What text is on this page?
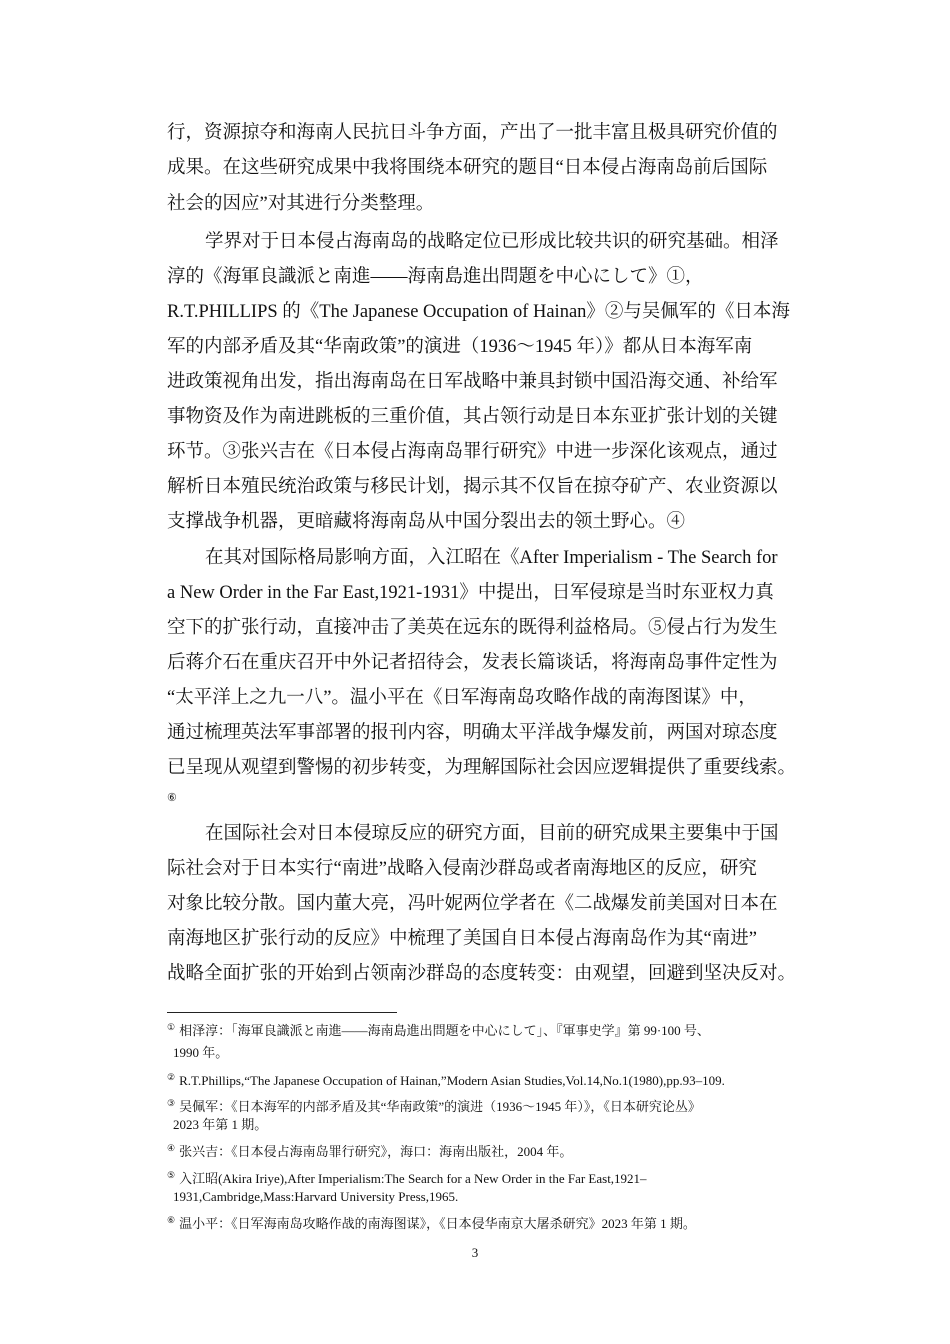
行，资源掠夺和海南人民抗日斗争方面，产出了一批丰富且极具研究价值的
成果。在这些研究成果中我将围绕本研究的题目“日本侵占海南岛前后国际
社会的因应”对其进行分类整理。
学界对于日本侵占海南岛的战略定位已形成比较共识的研究基础。相泽
淳的《海軍良識派と南進——海南島進出問題を中心にして》①，
R.T.PHILLIPS 的《The Japanese Occupation of Hainan》②与吴佩军的《日本海
军的内部矛盾及其“华南政策”的演进（1936～1945 年）》都从日本海军南
进政策视角出发，指出海南岛在日军战略中兼具封锁中国沿海交通、补给军
事物资及作为南进跳板的三重价值，其占领行动是日本东亚扩张计划的关键
环节。③张兴吉在《日本侵占海南岛罪行研究》中进一步深化该观点，通过
解析日本殖民统治政策与移民计划，揭示其不仅旨在掠夺矿产、农业资源以
支撑战争机器，更暗藏将海南岛从中国分裂出去的领土野心。④
在其对国际格局影响方面，入江昭在《After Imperialism - The Search for
a New Order in the Far East,1921-1931》中提出，日军侵琼是当时东亚权力真
空下的扩张行动，直接冲击了美英在远东的既得利益格局。⑤侵占行为发生
后蒋介石在重庆召开中外记者招待会，发表长篇谈话，将海南岛事件定性为
“太平洋上之九一八”。温小平在《日军海南岛攻略作战的南海图谋》中，
通过梳理英法军事部署的报刊内容，明确太平洋战争爆发前，两国对琼态度
已呈现从观望到警惕的初步转变，为理解国际社会因应逻辑提供了重要线索。
⑥
在国际社会对日本侵琼反应的研究方面，目前的研究成果主要集中于国
际社会对于日本实行“南进”战略入侵南沙群岛或者南海地区的反应，研究
对象比较分散。国内董大亮，冯叶妮两位学者在《二战爆发前美国对日本在
南海地区扩张行动的反应》中梳理了美国自日本侵占海南岛作为其“南进”
战略全面扩张的开始到占领南沙群岛的态度转变：由观望，回避到坚决反对。
① 相泽淳：「海軍良識派と南進——海南島進出問題を中心にして」、『軍事史学』第 99·100 号、
1990 年。
② R.T.Phillips,“The Japanese Occupation of Hainan,”Modern Asian Studies,Vol.14,No.1(1980),pp.93–109.
③ 吴佩军：《日本海军的内部矛盾及其“华南政策”的演进（1936～1945 年）》，《日本研究论丛》
2023 年第 1 期。
④ 张兴吉：《日本侵占海南岛罪行研究》，海口：海南出版社，2004 年。
⑤ 入江昭(Akira Iriye),After Imperialism:The Search for a New Order in the Far East,1921–
1931,Cambridge,Mass:Harvard University Press,1965.
⑥ 温小平：《日军海南岛攻略作战的南海图谋》，《日本侵华南京大屠杀研究》2023 年第 1 期。
3
